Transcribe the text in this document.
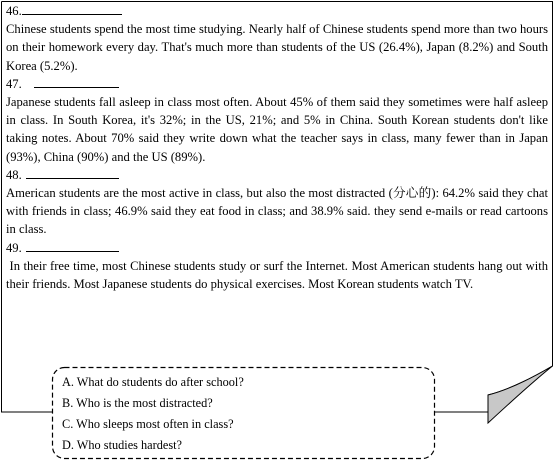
46.
Chinese students spend the most time studying. Nearly half of Chinese students spend more than two hours on their homework every day. That's much more than students of the US (26.4%), Japan (8.2%) and South Korea (5.2%).
47.
Japanese students fall asleep in class most often. About 45% of them said they sometimes were half asleep in class. In South Korea, it's 32%; in the US, 21%; and 5% in China. South Korean students don't like taking notes. About 70% said they write down what the teacher says in class, many fewer than in Japan (93%), China (90%) and the US (89%).
48.
American students are the most active in class, but also the most distracted (分心的): 64.2% said they chat with friends in class; 46.9% said they eat food in class; and 38.9% said. they send e-mails or read cartoons in class.
49.
In their free time, most Chinese students study or surf the Internet. Most American students hang out with their friends. Most Japanese students do physical exercises. Most Korean students watch TV.
A. What do students do after school?
B. Who is the most distracted?
C. Who sleeps most often in class?
D. Who studies hardest?
